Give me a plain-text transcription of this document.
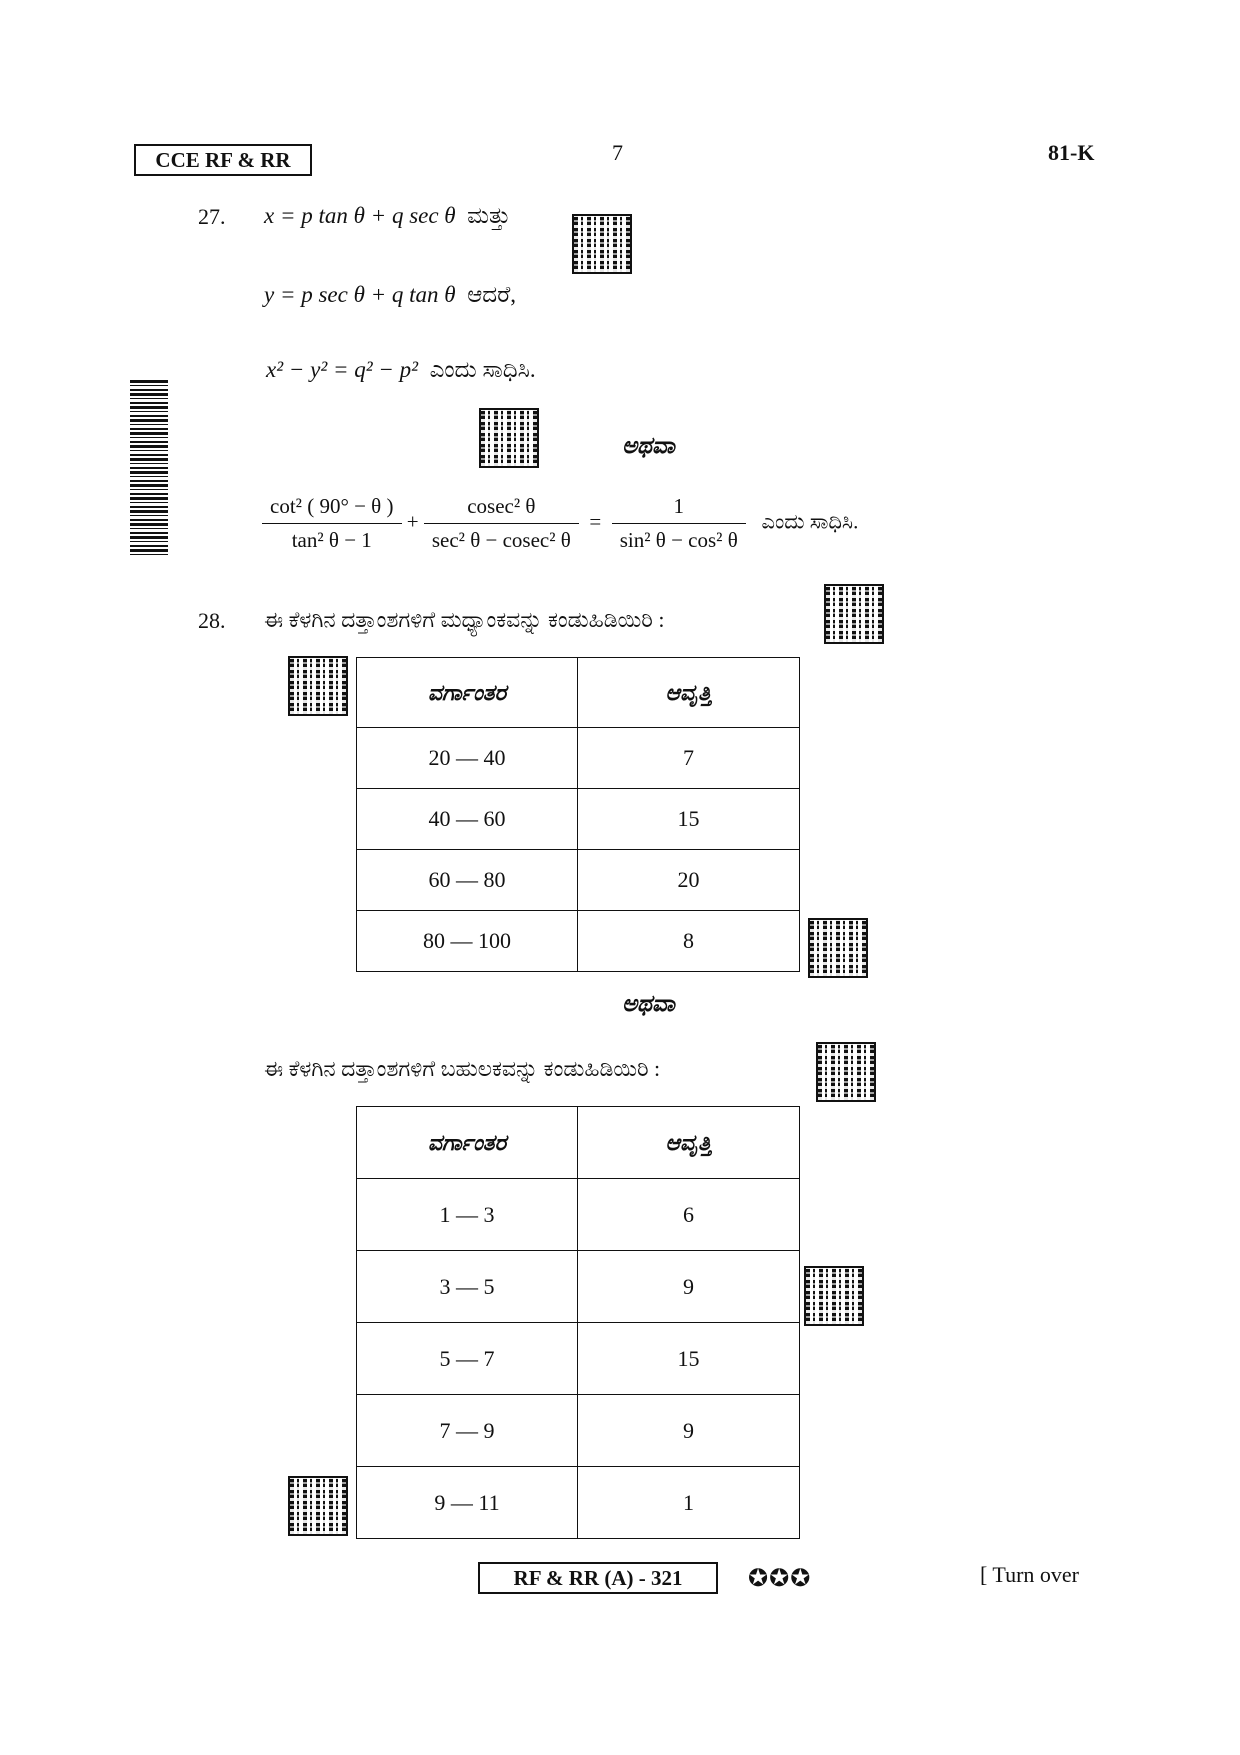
CCE RF & RR	7	81-K
27. x = p tan θ + q sec θ ಮತ್ತು
y = p sec θ + q tan θ ಆದರೆ,
x² − y² = q² − p² ಎಂದು ಸಾಧಿಸಿ.
ಅಥವಾ
$\frac{\text{cot² ( 90° − θ )}}{\text{tan² θ − 1}} + \frac{\text{cosec² θ}}{\text{sec² θ − cosec² θ}} = \frac{1}{\text{sin² θ − cos² θ}}$ ಎಂದು ಸಾಧಿಸಿ.
28. ಈ ಕೆಳಗಿನ ದತ್ತಾಂಶಗಳಿಗೆ ಮಧ್ಯಾಂಕವನ್ನು ಕಂಡುಹಿಡಿಯಿರಿ :
ವರ್ಗಾಂತರ	ಆವೃತ್ತಿ
20 — 40	7
40 — 60	15
60 — 80	20
80 — 100	8
ಅಥವಾ
ಈ ಕೆಳಗಿನ ದತ್ತಾಂಶಗಳಿಗೆ ಬಹುಲಕವನ್ನು ಕಂಡುಹಿಡಿಯಿರಿ :
ವರ್ಗಾಂತರ	ಆವೃತ್ತಿ
1 — 3	6
3 — 5	9
5 — 7	15
7 — 9	9
9 — 11	1
RF & RR (A) - 321	✪✪✪	[ Turn over
